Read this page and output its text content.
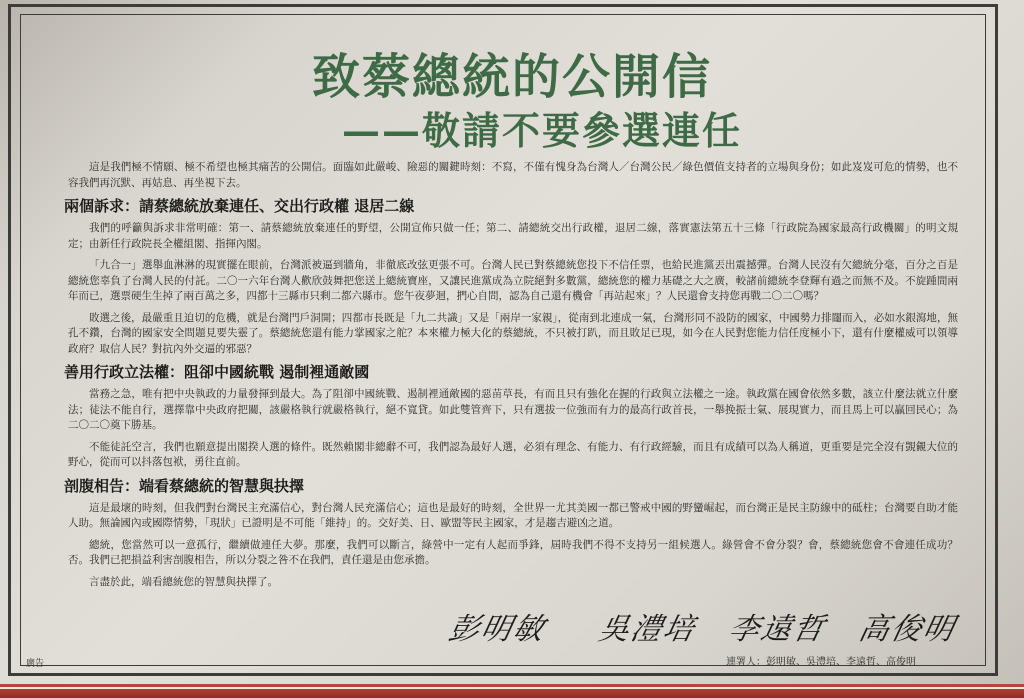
致蔡總統的公開信
——敬請不要參選連任

這是我們極不情願、極不希望也極其痛苦的公開信。面臨如此嚴峻、險惡的關鍵時刻：不寫，不僅有愧身為台灣人／台灣公民／綠色價值支持者的立場與身份；如此岌岌可危的情勢，也不容我們再沉默、再姑息、再坐視下去。

兩個訴求：請蔡總統放棄連任、交出行政權 退居二線

我們的呼籲與訴求非常明確：第一、請蔡總統放棄連任的野望，公開宣佈只做一任；第二、請總統交出行政權，退居二線，落實憲法第五十三條「行政院為國家最高行政機關」的明文規定；由新任行政院長全權組閣、指揮內閣。

「九合一」選舉血淋淋的現實擺在眼前，台灣派被逼到牆角，非徹底改弦更張不可。台灣人民已對蔡總統您投下不信任票，也給民進黨丟出震撼彈。台灣人民沒有欠總統分毫，百分之百是總統您辜負了台灣人民的付託。二〇一六年台灣人歡欣鼓舞把您送上總統寶座，又讓民進黨成為立院絕對多數黨，總統您的權力基礎之大之廣，較諸前總統李登輝有過之而無不及。不旋踵間兩年而已，選票硬生生掉了兩百萬之多，四都十三縣市只剩二都六縣市。您午夜夢迴，捫心自問，認為自己還有機會「再站起來」？人民還會支持您再戰二〇二〇嗎？

敗選之後，最嚴重且迫切的危機，就是台灣門戶洞開；四都市長既是「九二共識」又是「兩岸一家親」，從南到北連成一氣，台灣形同不設防的國家，中國勢力排闥而入，必如水銀瀉地，無孔不鑽，台灣的國家安全問題見要失靈了。蔡總統您還有能力掌國家之舵？本來權力極大化的蔡總統，不只被打趴，而且敗足已現，如今在人民對您能力信任度極小下，還有什麼權威可以領導政府？取信人民？對抗內外交逼的邪惡？

善用行政立法權：阻卻中國統戰 遏制裡通敵國

當務之急，唯有把中央執政的力量發揮到最大。為了阻卻中國統戰、遏制裡通敵國的惡苗草長，有而且只有強化在握的行政與立法權之一途。執政黨在國會依然多數，該立什麼法就立什麼法；徒法不能自行，選擇靠中央政府把關，該嚴格執行就嚴格執行，絕不寬貸。如此雙管齊下，只有選拔一位強而有力的最高行政首長，一舉挽振士氣、展現實力，而且馬上可以贏回民心；為二〇二〇奠下勝基。

不能徒託空言，我們也願意提出閣揆人選的條件。既然賴閣非總辭不可，我們認為最好人選，必須有理念、有能力、有行政經驗，而且有成績可以為人稱道，更重要是完全沒有覬覦大位的野心，從而可以抖落包袱，勇往直前。

剖腹相告：端看蔡總統的智慧與抉擇

這是最壞的時刻，但我們對台灣民主充滿信心，對台灣人民充滿信心；這也是最好的時刻，全世界一尤其美國一都已警戒中國的野蠻崛起，而台灣正是民主防線中的砥柱；台灣要自助才能人助。無論國內或國際情勢，「現狀」已證明是不可能「維持」的。交好美、日、歐盟等民主國家，才是趨吉避凶之道。

總統，您當然可以一意孤行，繼續做連任大夢。那麼，我們可以斷言，綠營中一定有人起而爭鋒，屆時我們不得不支持另一組候選人。綠營會不會分裂？會，蔡總統您會不會連任成功？否。我們已把損益利害剖腹相告，所以分裂之咎不在我們，責任還是由您承擔。

言盡於此，端看總統您的智慧與抉擇了。

彭明敏 吳澧培 李遠哲 高俊明
連署人：彭明敏、吳澧培、李遠哲、高俊明
廣告
